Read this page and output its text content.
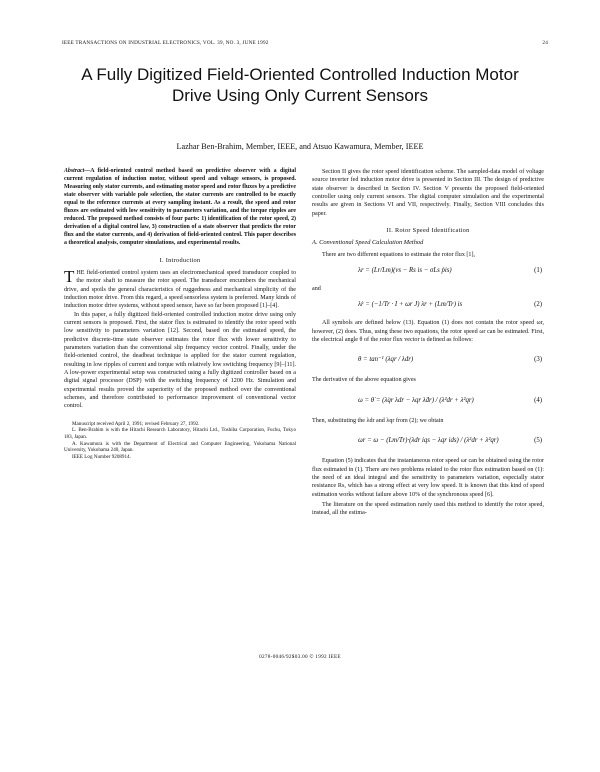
IEEE TRANSACTIONS ON INDUSTRIAL ELECTRONICS, VOL. 39, NO. 3, JUNE 1992	24
A Fully Digitized Field-Oriented Controlled Induction Motor Drive Using Only Current Sensors
Lazhar Ben-Brahim, Member, IEEE, and Atsuo Kawamura, Member, IEEE
Abstract—A field-oriented control method based on predictive observer with a digital current regulation of induction motor, without speed and voltage sensors, is proposed. Measuring only stator currents, and estimating motor speed and rotor fluxes by a predictive state observer with variable pole selection, the stator currents are controlled to be exactly equal to the reference currents at every sampling instant. As a result, the speed and rotor fluxes are estimated with low sensitivity to parameters variation, and the torque ripples are reduced. The proposed method consists of four parts: 1) identification of the rotor speed, 2) derivation of a digital control law, 3) construction of a state observer that predicts the rotor flux and the stator currents, and 4) derivation of field-oriented control. This paper describes a theoretical analysis, computer simulations, and experimental results.
I. Introduction

THE field-oriented control system uses an electromechanical speed transducer coupled to the motor shaft to measure the rotor speed. The transducer encumbers the mechanical drive, and spoils the general characteristics of ruggedness and mechanical simplicity of the induction motor drive. From this regard, a speed sensorless system is preferred. Many kinds of induction motor drive systems, without speed sensor, have so far been proposed [1]–[4].

In this paper, a fully digitized field-oriented controlled induction motor drive using only current sensors is proposed. First, the stator flux is estimated to identify the rotor speed with low sensitivity to parameters variation [12]. Second, based on the estimated speed, the predictive discrete-time state observer estimates the rotor flux with lower sensitivity to parameters variation than the conventional slip frequency vector control. Finally, under the field-oriented control, the deadbeat technique is applied for the stator current regulation, resulting in low ripples of current and torque with relatively low switching frequency [9]–[11]. A low-power experimental setup was constructed using a fully digitized controller based on a digital signal processor (DSP) with the switching frequency of 1200 Hz. Simulation and experimental results proved the superiority of the proposed method over the conventional schemes, and therefore contributed to performance improvement of conventional vector control.

Manuscript received April 2, 1991; revised February 27, 1992.
L. Ben-Brahim is with the Hitachi Research Laboratory, Hitachi Ltd., Toshiba Corporation, Fuchu, Tokyo 183, Japan.
A. Kawamura is with the Department of Electrical and Computer Engineering, Yokohama National University, Yokohama 240, Japan.
IEEE Log Number 9208914.

Section II gives the rotor speed identification scheme. The sampled-data model of voltage source inverter fed induction motor drive is presented in Section III. The design of predictive state observer is described in Section IV. Section V presents the proposed field-oriented controller using only current sensors. The digital computer simulation and the experimental results are given in Sections VI and VII, respectively. Finally, Section VIII concludes this paper.

II. Rotor Speed Identification
A. Conventional Speed Calculation Method

There are two different equations to estimate the rotor flux [1],

λr = (Lr/Lm)(vs − Rs is − σLs ṗis)	(1)
and
λ̇r = (−1/Tr · I + ωr J) λr + (Lm/Tr) is	(2)

All symbols are defined below (13). Equation (1) does not contain the rotor speed ωr, however, (2) does. Thus, using these two equations, the rotor speed ωr can be estimated. First, the electrical angle θ of the rotor flux vector is defined as follows:

θ = tan⁻¹ (λqr / λdr)	(3)

The derivative of the above equation gives

ω = θ̇ = (λ̇qr λdr − λqr λ̇dr) / (λ²dr + λ²qr)	(4)

Then, substituting the λdr and λqr from (2); we obtain

ωr = ω − (Lm/Tr)·(λdr iqs − λqr ids) / (λ²dr + λ²qr)	(5)

Equation (5) indicates that the instantaneous rotor speed ωr can be obtained using the rotor flux estimated in (1). There are two problems related to the rotor flux estimation based on (1): the need of an ideal integral and the sensitivity to parameters variation, especially stator resistance Rs, which has a strong effect at very low speed. It is known that this kind of speed estimation works without failure above 10% of the synchronous speed [6].

The literature on the speed estimation rarely used this method to identify the rotor speed, instead, all the estima-

0278-0046/92$03.00 © 1992 IEEE
